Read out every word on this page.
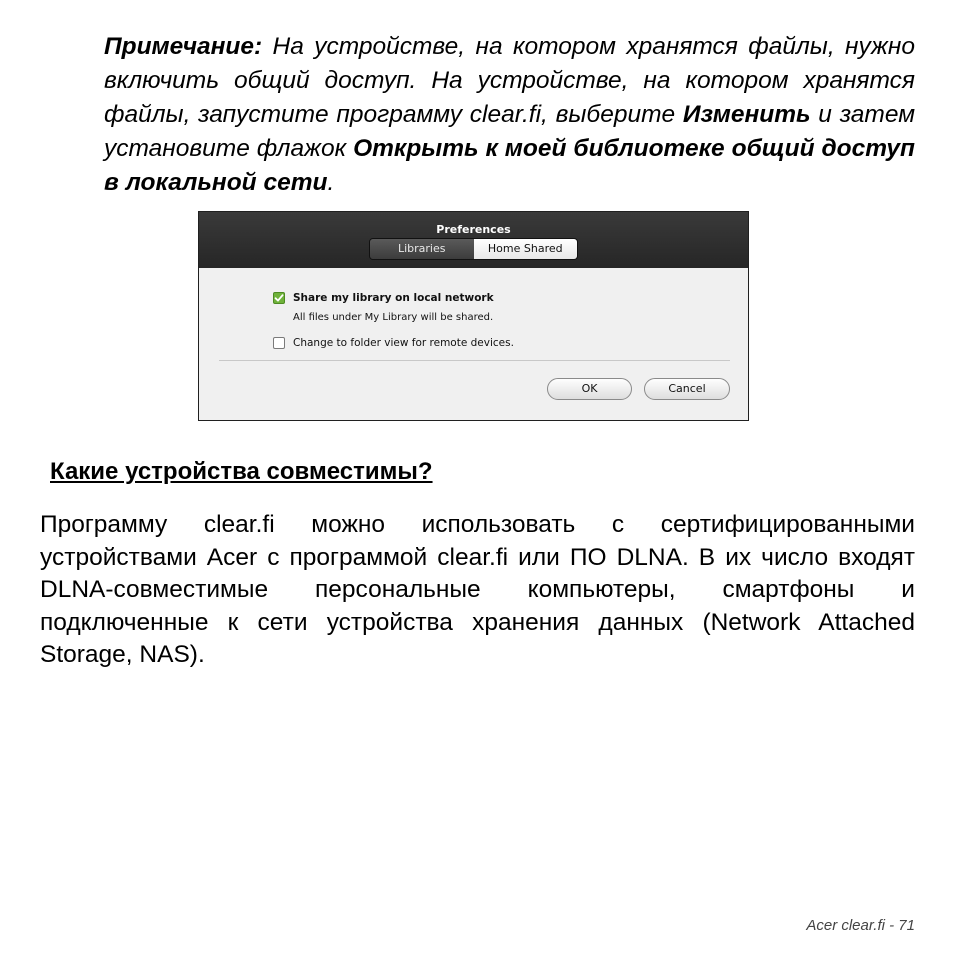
Примечание: На устройстве, на котором хранятся файлы, нужно включить общий доступ. На устройстве, на котором хранятся файлы, запустите программу clear.fi, выберите Изменить и затем установите флажок Открыть к моей библиотеке общий доступ в локальной сети.

Preferences
Libraries	Home Shared
Share my library on local network
All files under My Library will be shared.
Change to folder view for remote devices.
OK	Cancel
Какие устройства совместимы?

Программу clear.fi можно использовать с сертифицированными устройствами Acer с программой clear.fi или ПО DLNA. В их число входят DLNA-совместимые персональные компьютеры, смартфоны и подключенные к сети устройства хранения данных (Network Attached Storage, NAS).

Acer clear.fi - 71
